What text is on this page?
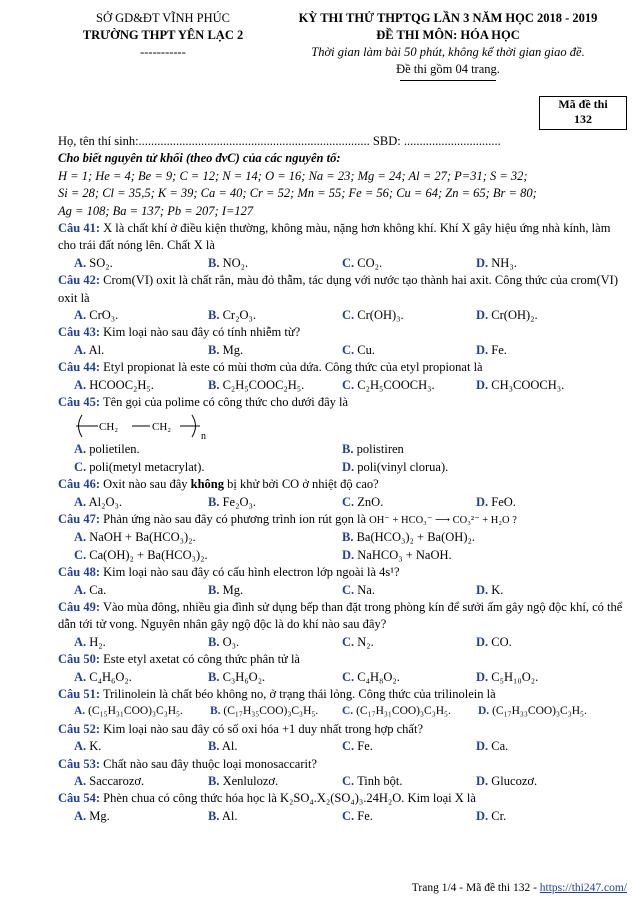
SỞ GD&ĐT VĨNH PHÚC
TRƯỜNG THPT YÊN LẠC 2
-----------
KỲ THI THỬ THPTQG LẦN 3 NĂM HỌC 2018 - 2019
ĐỀ THI MÔN: HÓA HỌC
Thời gian làm bài 50 phút, không kể thời gian giao đề.
Đề thi gồm 04 trang.
Mã đề thi
132
Họ, tên thí sinh:.......................................................................... SBD: ...............................
Cho biết nguyên tử khối (theo đvC) của các nguyên tố:
H = 1; He = 4; Be = 9; C = 12; N = 14; O = 16; Na = 23; Mg = 24; Al = 27; P=31; S = 32;
Si = 28; Cl = 35,5; K = 39; Ca = 40; Cr = 52; Mn = 55; Fe = 56; Cu = 64; Zn = 65; Br = 80;
Ag = 108; Ba = 137; Pb = 207; I=127
Câu 41: X là chất khí ở điều kiện thường, không màu, nặng hơn không khí. Khí X gây hiệu ứng nhà kính, làm cho trái đất nóng lên. Chất X là
A. SO₂.	B. NO₂.	C. CO₂.	D. NH₃.
Câu 42: Crom(VI) oxit là chất rắn, màu đỏ thẫm, tác dụng với nước tạo thành hai axit. Công thức của crom(VI) oxit là
A. CrO₃.	B. Cr₂O₃.	C. Cr(OH)₃.	D. Cr(OH)₂.
Câu 43: Kim loại nào sau đây có tính nhiễm từ?
A. Al.	B. Mg.	C. Cu.	D. Fe.
Câu 44: Etyl propionat là este có mùi thơm của dứa. Công thức của etyl propionat là
A. HCOOC₂H₅.	B. C₂H₅COOC₂H₅.	C. C₂H₅COOCH₃.	D. CH₃COOCH₃.
Câu 45: Tên gọi của polime có công thức cho dưới đây là
CH₂	CH₂
n
A. polietilen.	B. polistiren
C. poli(metyl metacrylat).	D. poli(vinyl clorua).
Câu 46: Oxit nào sau đây không bị khử bởi CO ở nhiệt độ cao?
A. Al₂O₃.	B. Fe₂O₃.	C. ZnO.	D. FeO.
Câu 47: Phản ứng nào sau đây có phương trình ion rút gọn là OH⁻ + HCO₃⁻ ⟶ CO₃²⁻ + H₂O ?
A. NaOH + Ba(HCO₃)₂.	B. Ba(HCO₃)₂ + Ba(OH)₂.
C. Ca(OH)₂ + Ba(HCO₃)₂.	D. NaHCO₃ + NaOH.
Câu 48: Kim loại nào sau đây có cấu hình electron lớp ngoài là 4s¹?
A. Ca.	B. Mg.	C. Na.	D. K.
Câu 49: Vào mùa đông, nhiều gia đình sử dụng bếp than đặt trong phòng kín để sưởi ấm gây ngộ độc khí, có thể dẫn tới tử vong. Nguyên nhân gây ngộ độc là do khí nào sau đây?
A. H₂.	B. O₃.	C. N₂.	D. CO.
Câu 50: Este etyl axetat có công thức phân tử là
A. C₄H₆O₂.	B. C₃H₆O₂.	C. C₄H₈O₂.	D. C₅H₁₀O₂.
Câu 51: Trilinolein là chất béo không no, ở trạng thái lỏng. Công thức của trilinolein là
A. (C₁₅H₃₁COO)₃C₃H₅. B. (C₁₇H₃₅COO)₃C₃H₅. C. (C₁₇H₃₁COO)₃C₃H₅. D. (C₁₇H₃₃COO)₃C₃H₅.
Câu 52: Kim loại nào sau đây có số oxi hóa +1 duy nhất trong hợp chất?
A. K.	B. Al.	C. Fe.	D. Ca.
Câu 53: Chất nào sau đây thuộc loại monosaccarit?
A. Saccarozơ.	B. Xenlulozơ.	C. Tinh bột.	D. Glucozơ.
Câu 54: Phèn chua có công thức hóa học là K₂SO₄.X₂(SO₄)₃.24H₂O. Kim loại X là
A. Mg.	B. Al.	C. Fe.	D. Cr.
Trang 1/4 - Mã đề thi 132 - https://thi247.com/
